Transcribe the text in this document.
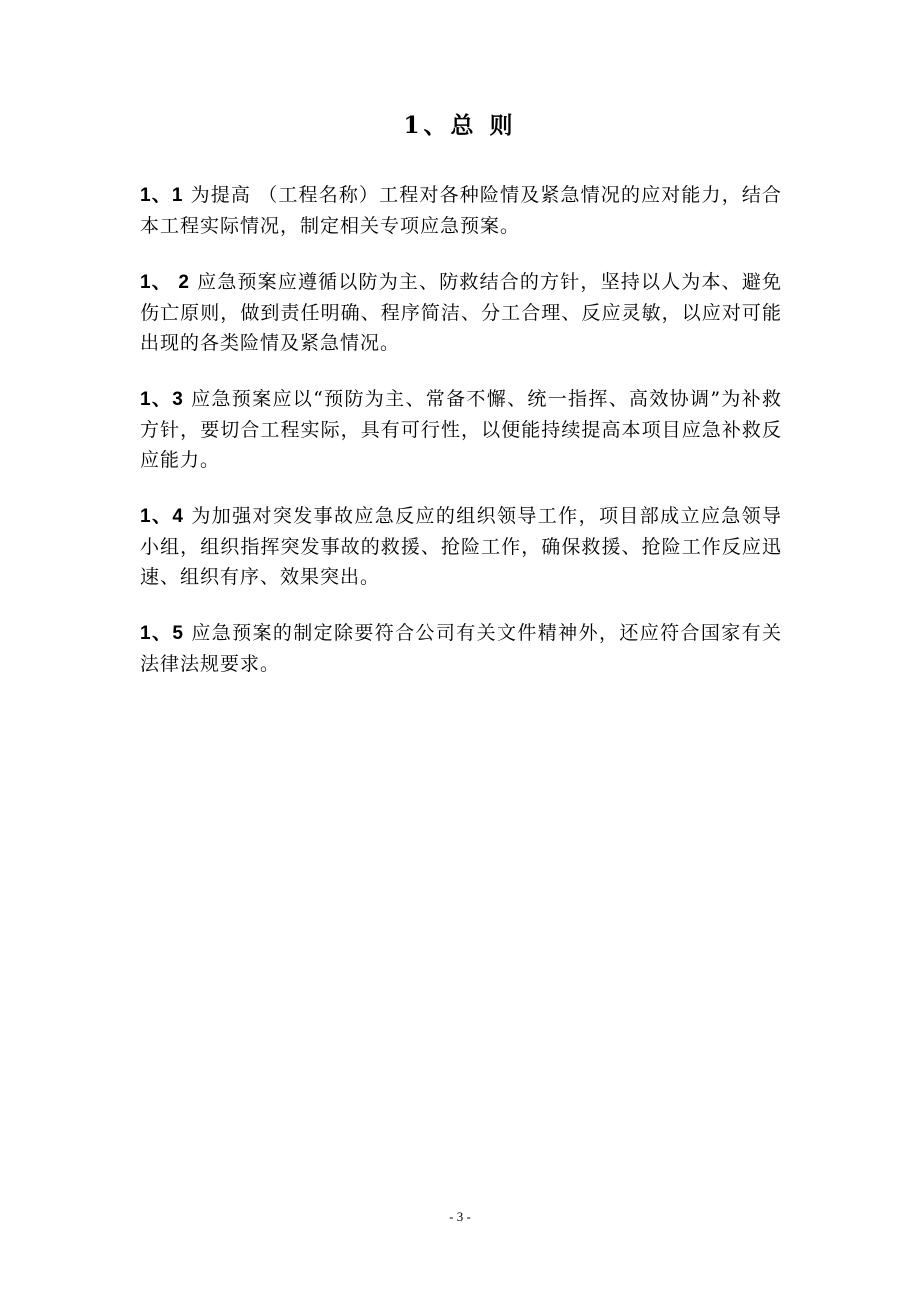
1、总 则

1、1 为提高 （工程名称）工程对各种险情及紧急情况的应对能力，结合本工程实际情况，制定相关专项应急预案。

1、 2 应急预案应遵循以防为主、防救结合的方针，坚持以人为本、避免伤亡原则，做到责任明确、程序简洁、分工合理、反应灵敏，以应对可能出现的各类险情及紧急情况。

1、3 应急预案应以“预防为主、常备不懈、统一指挥、高效协调”为补救方针，要切合工程实际，具有可行性，以便能持续提高本项目应急补救反应能力。

1、4 为加强对突发事故应急反应的组织领导工作，项目部成立应急领导小组，组织指挥突发事故的救援、抢险工作，确保救援、抢险工作反应迅速、组织有序、效果突出。

1、5 应急预案的制定除要符合公司有关文件精神外，还应符合国家有关法律法规要求。

- 3 -
